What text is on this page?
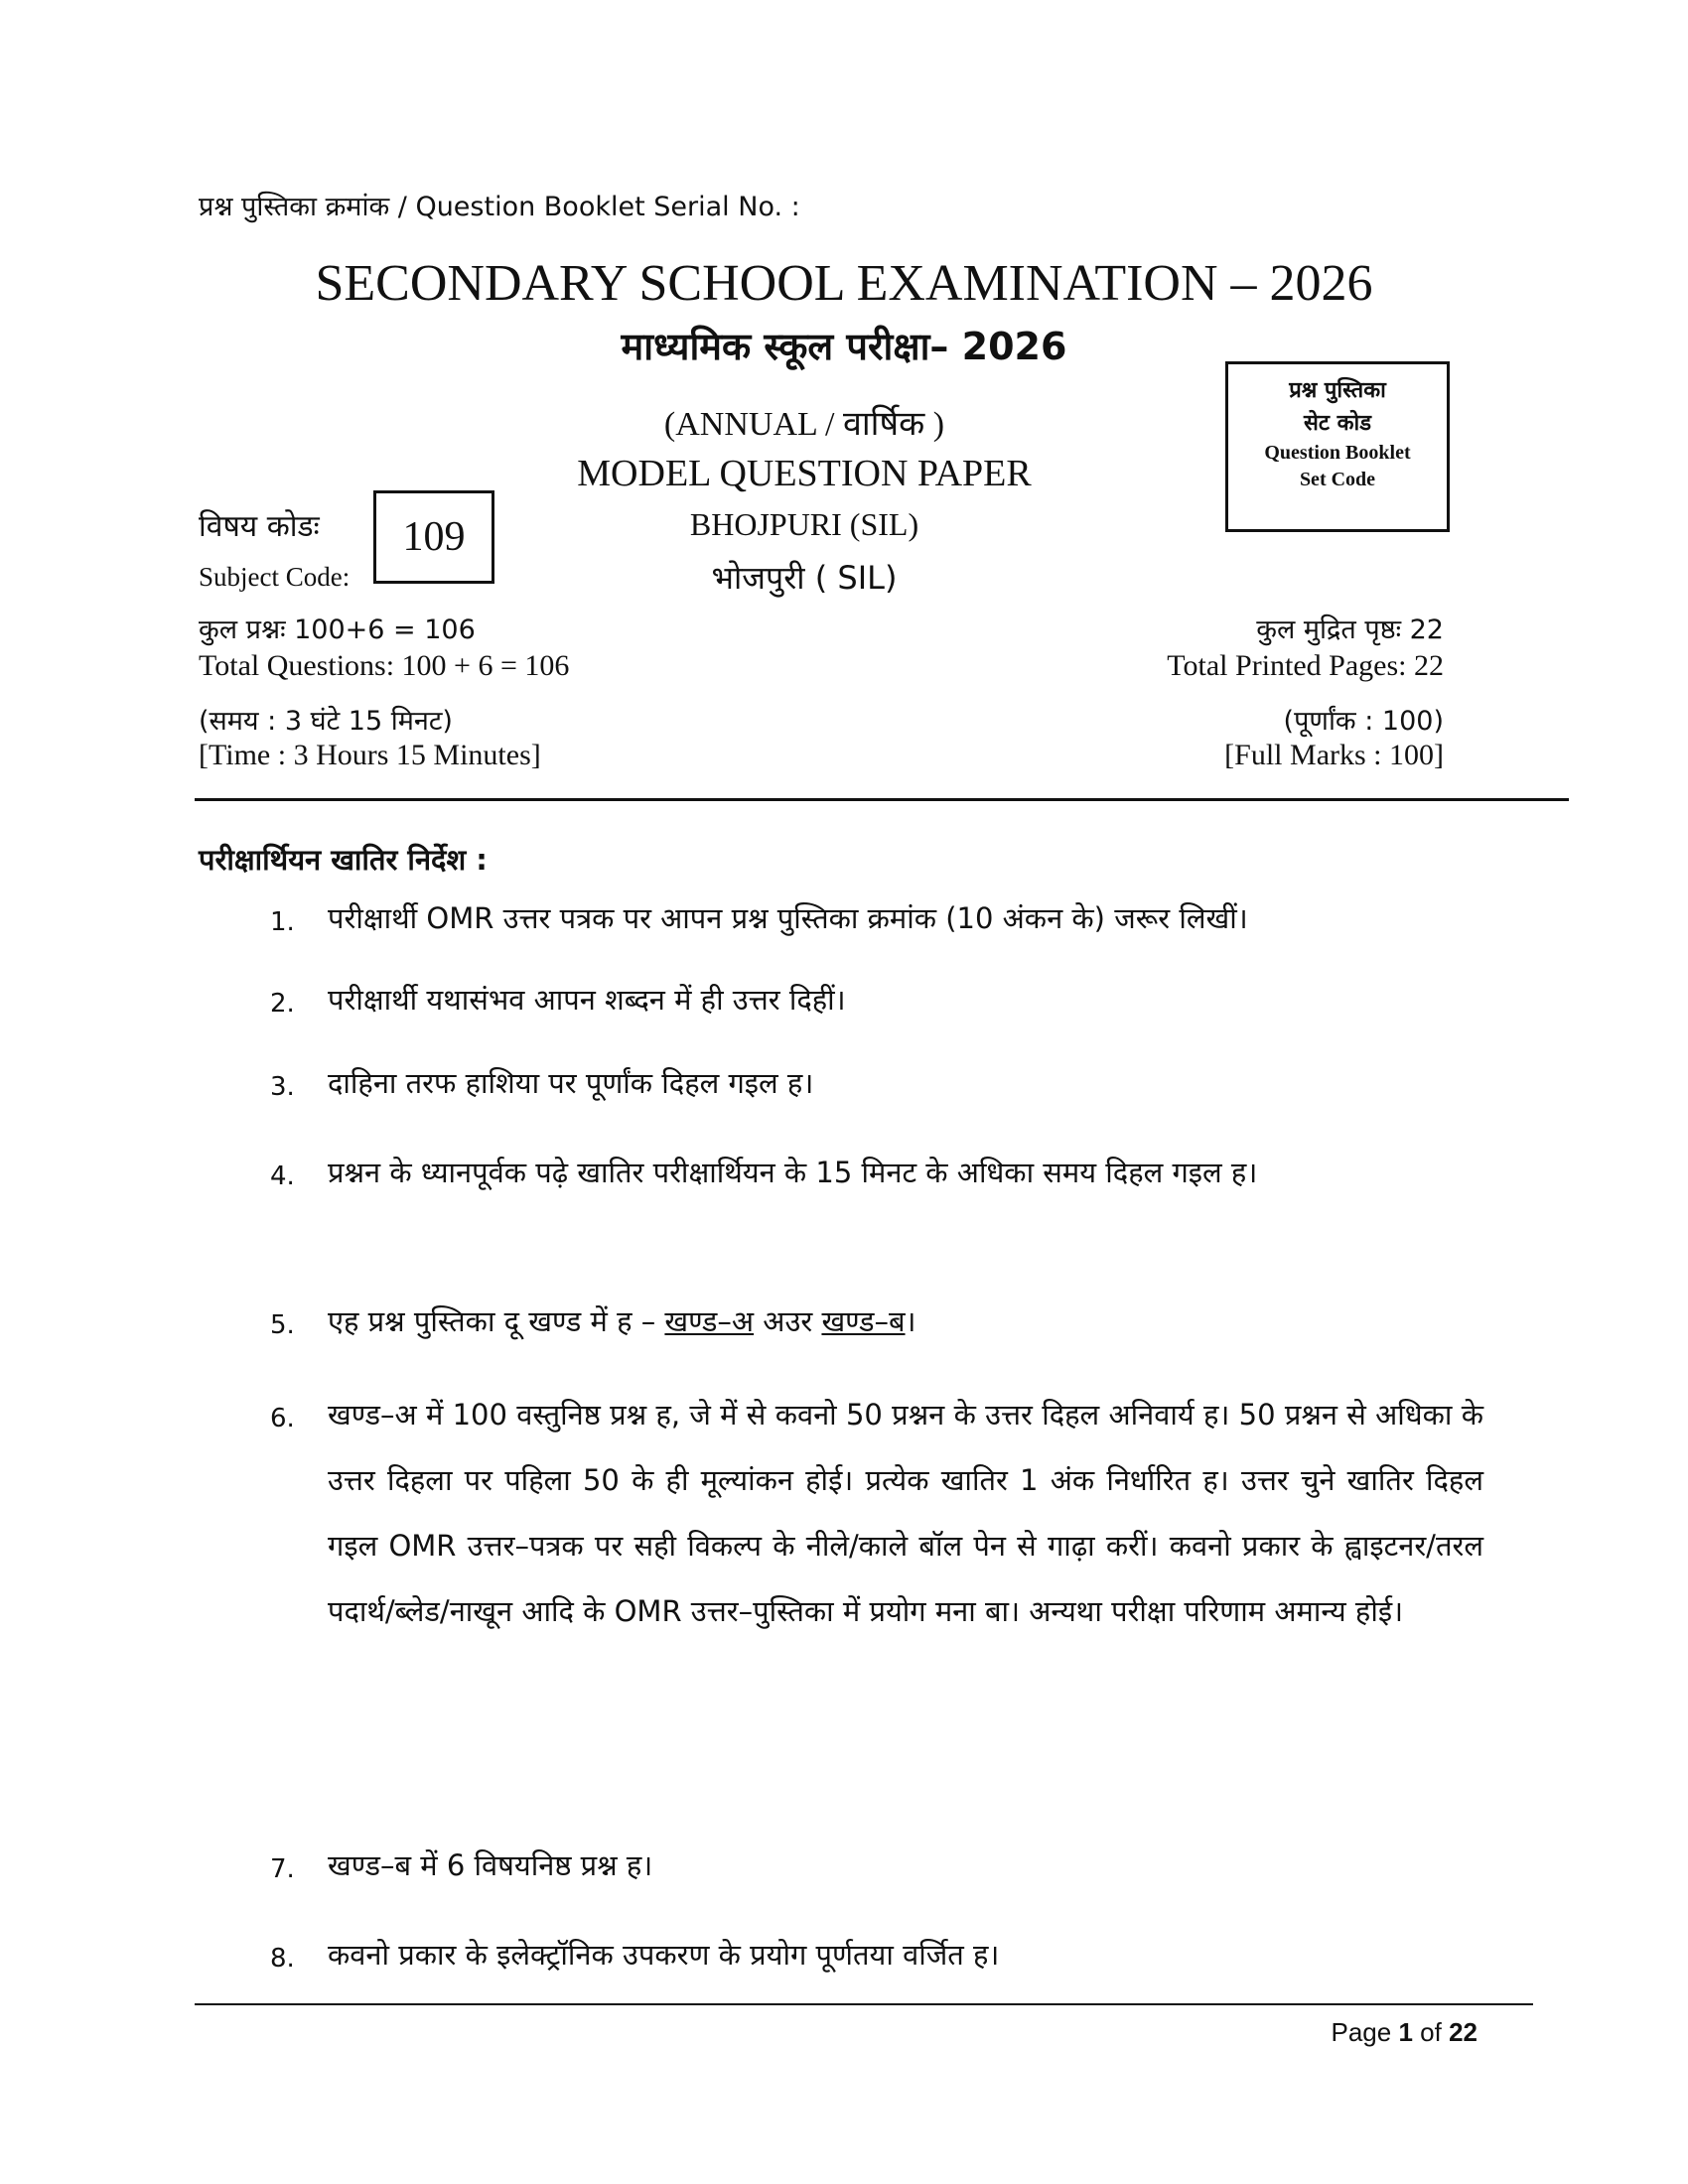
प्रश्न पुस्तिका क्रमांक / Question Booklet Serial No. :
SECONDARY SCHOOL EXAMINATION – 2026
माध्यमिक स्कूल परीक्षा– 2026
प्रश्न पुस्तिका
सेट कोड
Question Booklet
Set Code
(ANNUAL / वार्षिक )
MODEL QUESTION PAPER
BHOJPURI (SIL)
भोजपुरी ( SIL)
विषय कोडः
Subject Code:
109
कुल प्रश्नः 100+6 = 106
Total Questions: 100 + 6 = 106
कुल मुद्रित पृष्ठः 22
Total Printed Pages: 22
(समय : 3 घंटे 15 मिनट)
[Time : 3 Hours 15 Minutes]
(पूर्णांक : 100)
[Full Marks : 100]
परीक्षार्थियन खातिर निर्देश :
1. परीक्षार्थी OMR उत्तर पत्रक पर आपन प्रश्न पुस्तिका क्रमांक (10 अंकन के) जरूर लिखीं।
2. परीक्षार्थी यथासंभव आपन शब्दन में ही उत्तर दिहीं।
3. दाहिना तरफ हाशिया पर पूर्णांक दिहल गइल ह।
4. प्रश्नन के ध्यानपूर्वक पढ़े खातिर परीक्षार्थियन के 15 मिनट के अधिका समय दिहल गइल ह।
5. एह प्रश्न पुस्तिका दू खण्ड में ह – खण्ड–अ अउर खण्ड–ब।
6. खण्ड–अ में 100 वस्तुनिष्ठ प्रश्न ह, जे में से कवनो 50 प्रश्नन के उत्तर दिहल अनिवार्य ह। 50 प्रश्नन से अधिका के उत्तर दिहला पर पहिला 50 के ही मूल्यांकन होई। प्रत्येक खातिर 1 अंक निर्धारित ह। उत्तर चुने खातिर दिहल गइल OMR उत्तर–पत्रक पर सही विकल्प के नीले/काले बॉल पेन से गाढ़ा करीं। कवनो प्रकार के ह्वाइटनर/तरल पदार्थ/ब्लेड/नाखून आदि के OMR उत्तर–पुस्तिका में प्रयोग मना बा। अन्यथा परीक्षा परिणाम अमान्य होई।
7. खण्ड–ब में 6 विषयनिष्ठ प्रश्न ह।
8. कवनो प्रकार के इलेक्ट्रॉनिक उपकरण के प्रयोग पूर्णतया वर्जित ह।
Page 1 of 22
